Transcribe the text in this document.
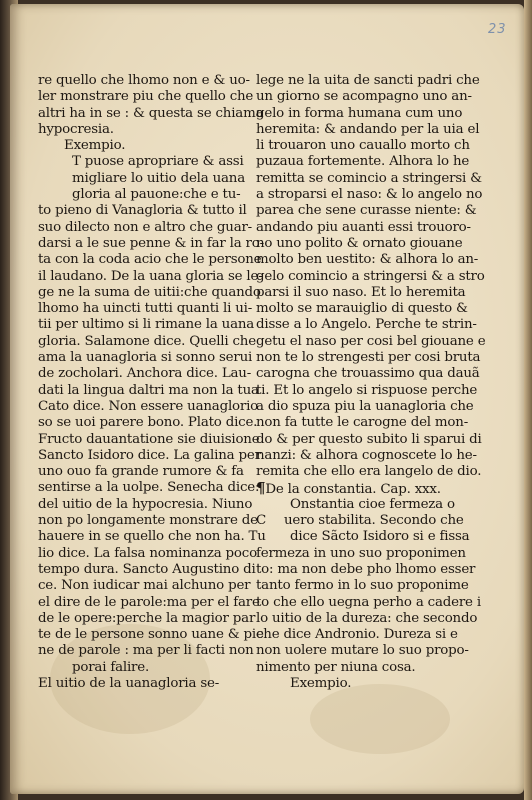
23
re quello che lhomo non e & uo-
ler monstrare piu che quello che
altri ha in se : & questa se chiama
hypocresia.
Exempio.
T puose apropriare & assi
migliare lo uitio dela uana
gloria al pauone:che e tu-
to pieno di Vanagloria & tutto il
suo dilecto non e altro che guar-
darsi a le sue penne & in far la ro-
ta con la coda acio che le persone
il laudano. De la uana gloria se le-
ge ne la suma de uitii:che quando
lhomo ha uincti tutti quanti li ui-
tii per ultimo si li rimane la uana
gloria. Salamone dice. Quelli che
ama la uanagloria si sonno serui
de zocholari. Anchora dice. Lau-
dati la lingua daltri ma non la tua
Cato dice. Non essere uanaglorio
so se uoi parere bono. Plato dice.
Fructo dauantatione sie diuisione
Sancto Isidoro dice. La galina per
uno ouo fa grande rumore & fa
sentirse a la uolpe. Senecha dice:
del uitio de la hypocresia. Niuno
non po longamente monstrare de
hauere in se quello che non ha. Tu
lio dice. La falsa nominanza poco
tempo dura. Sancto Augustino di
ce. Non iudicar mai alchuno per
el dire de le parole:ma per el fare
de le opere:perche la magior par
te de le persone sonno uane & pie
ne de parole : ma per li facti non
porai falire.
El uitio de la uanagloria se-
lege ne la uita de sancti padri che
un giorno se acompagno uno an-
gelo in forma humana cum uno
heremita: & andando per la uia el
li trouaron uno cauallo morto ch
puzaua fortemente. Alhora lo he
remitta se comincio a stringersi &
a stroparsi el naso: & lo angelo no
parea che sene curasse niente: &
andando piu auanti essi trouoro-
no uno polito & ornato giouane
molto ben uestito: & alhora lo an-
gelo comincio a stringersi & a stro
parsi il suo naso. Et lo heremita
molto se marauiglio di questo &
disse a lo Angelo. Perche te strin-
getu el naso per cosi bel giouane e
non te lo strengesti per cosi bruta
carogna che trouassimo qua dauã
ti. Et lo angelo si rispuose perche
a dio spuza piu la uanagloria che
non fa tutte le carogne del mon-
do & per questo subito li sparui di
nanzi: & alhora cognoscete lo he-
remita che ello era langelo de dio.
¶De la constantia. Cap. xxx.
Onstantia cioe fermeza o
C uero stabilita. Secondo che
dice Sãcto Isidoro si e fissa
fermeza in uno suo proponimen
to: ma non debe pho lhomo esser
tanto fermo in lo suo proponime
to che ello uegna perho a cadere i
lo uitio de la dureza: che secondo
che dice Andronio. Dureza si e
non uolere mutare lo suo propo-
nimento per niuna cosa.
Exempio.
